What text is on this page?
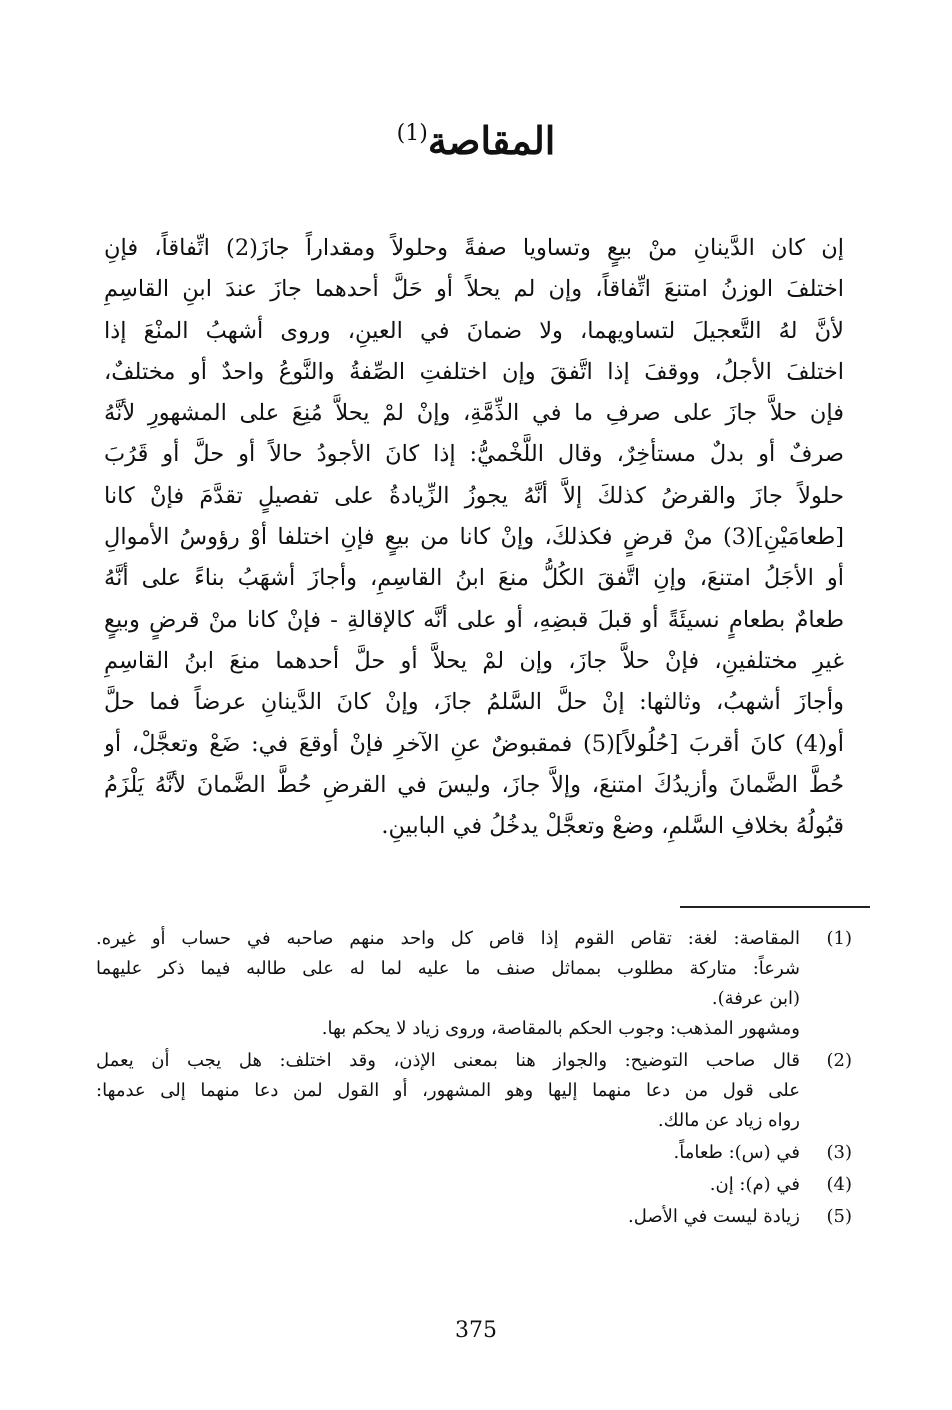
المقاصة$^{(1)}$
إن كان الدَّينانِ منْ بيعٍ وتساويا صفةً وحلولاً ومقداراً جازَ(2) اتِّفاقاً، فإنِ
اختلفَ الوزنُ امتنعَ اتِّفاقاً، وإن لم يحلاً أو حَلَّ أحدهما جازَ عندَ ابنِ القاسِمِ
لأنَّ لهُ التَّعجيلَ لتساويهما، ولا ضمانَ في العينِ، وروى أشهبُ المنْعَ إذا
اختلفَ الأجلُ، ووقفَ إذا اتَّفقَ وإن اختلفتِ الصِّفةُ والنَّوعُ واحدٌ أو مختلفٌ،
فإن حلاَّ جازَ على صرفِ ما في الذِّمَّةِ، وإنْ لمْ يحلاَّ مُنِعَ على المشهورِ لأنَّهُ
صرفٌ أو بدلٌ مستأخِرٌ، وقال اللَّخْميُّ: إذا كانَ الأجودُ حالاً أو حلَّ أو قَرُبَ
حلولاً جازَ والقرضُ كذلكَ إلاَّ أنَّهُ يجوزُ الزِّيادةُ على تفصيلٍ تقدَّمَ فإنْ كانا
[طعامَيْنِ](3) منْ قرضٍ فكذلكَ، وإنْ كانا من بيعٍ فإنِ اختلفا أوْ رؤوسُ الأموالِ
أو الأجَلُ امتنعَ، وإنِ اتَّفقَ الكُلُّ منعَ ابنُ القاسِمِ، وأجازَ أشهَبُ بناءً على أنَّهُ
طعامٌ بطعامٍ نسيئَةً أو قبلَ قبضِهِ، أو على أنَّه كالإقالةِ - فإنْ كانا منْ قرضٍ وبيعٍ
غيرِ مختلفينِ، فإنْ حلاَّ جازَ، وإن لمْ يحلاَّ أو حلَّ أحدهما منعَ ابنُ القاسِمِ
وأجازَ أشهبُ، وثالثها: إنْ حلَّ السَّلمُ جازَ، وإنْ كانَ الدَّينانِ عرضاً فما حلَّ
أو(4) كانَ أقربَ [حُلُولاً](5) فمقبوضٌ عنِ الآخرِ فإنْ أوقعَ في: ضَعْ وتعجَّلْ، أو
حُطَّ الضَّمانَ وأزيدُكَ امتنعَ، وإلاَّ جازَ، وليسَ في القرضِ حُطَّ الضَّمانَ لأنَّهُ يَلْزَمُ
قبُولُهُ بخلافِ السَّلمِ، وضعْ وتعجَّلْ يدخُلُ في البابينِ.
(1)
المقاصة: لغة: تقاص القوم إذا قاص كل واحد منهم صاحبه في حساب أو غيره.
شرعاً: متاركة مطلوب بمماثل صنف ما عليه لما له على طالبه فيما ذكر عليهما
(ابن عرفة).
ومشهور المذهب: وجوب الحكم بالمقاصة، وروى زياد لا يحكم بها.
(2)
قال صاحب التوضيح: والجواز هنا بمعنى الإذن، وقد اختلف: هل يجب أن يعمل
على قول من دعا منهما إليها وهو المشهور، أو القول لمن دعا منهما إلى عدمها:
رواه زياد عن مالك.
(3)
في (س): طعاماً.
(4)
في (م): إن.
(5)
زيادة ليست في الأصل.
375
